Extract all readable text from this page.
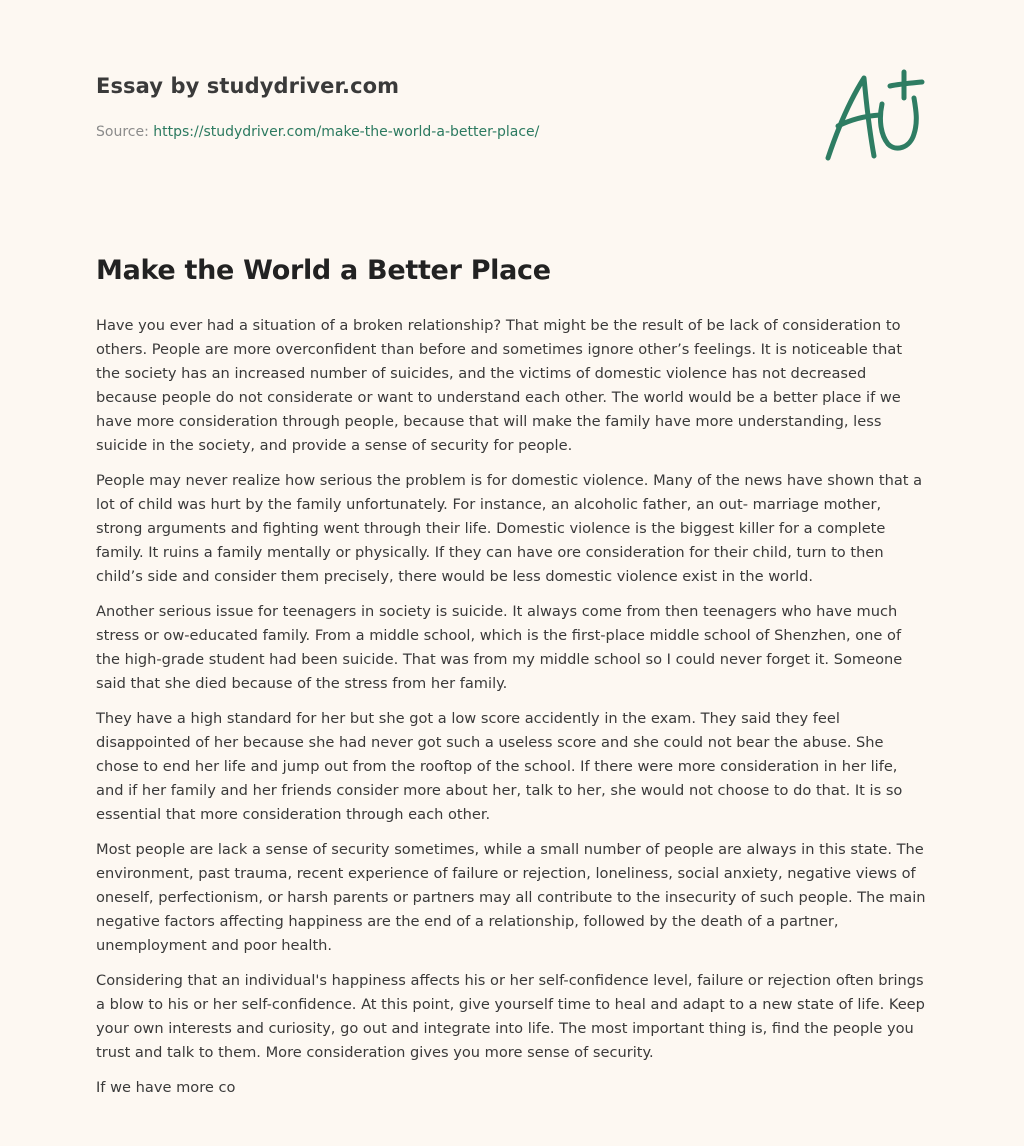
Essay by studydriver.com
Source: https://studydriver.com/make-the-world-a-better-place/
Make the World a Better Place

Have you ever had a situation of a broken relationship? That might be the result of be lack of consideration to others. People are more overconfident than before and sometimes ignore other’s feelings. It is noticeable that the society has an increased number of suicides, and the victims of domestic violence has not decreased because people do not considerate or want to understand each other. The world would be a better place if we have more consideration through people, because that will make the family have more understanding, less suicide in the society, and provide a sense of security for people.

People may never realize how serious the problem is for domestic violence. Many of the news have shown that a lot of child was hurt by the family unfortunately. For instance, an alcoholic father, an out- marriage mother, strong arguments and fighting went through their life. Domestic violence is the biggest killer for a complete family. It ruins a family mentally or physically. If they can have ore consideration for their child, turn to then child’s side and consider them precisely, there would be less domestic violence exist in the world.

Another serious issue for teenagers in society is suicide. It always come from then teenagers who have much stress or ow-educated family. From a middle school, which is the first-place middle school of Shenzhen, one of the high-grade student had been suicide. That was from my middle school so I could never forget it. Someone said that she died because of the stress from her family.

They have a high standard for her but she got a low score accidently in the exam. They said they feel disappointed of her because she had never got such a useless score and she could not bear the abuse. She chose to end her life and jump out from the rooftop of the school. If there were more consideration in her life, and if her family and her friends consider more about her, talk to her, she would not choose to do that. It is so essential that more consideration through each other.

Most people are lack a sense of security sometimes, while a small number of people are always in this state. The environment, past trauma, recent experience of failure or rejection, loneliness, social anxiety, negative views of oneself, perfectionism, or harsh parents or partners may all contribute to the insecurity of such people. The main negative factors affecting happiness are the end of a relationship, followed by the death of a partner, unemployment and poor health.

Considering that an individual's happiness affects his or her self-confidence level, failure or rejection often brings a blow to his or her self-confidence. At this point, give yourself time to heal and adapt to a new state of life. Keep your own interests and curiosity, go out and integrate into life. The most important thing is, find the people you trust and talk to them. More consideration gives you more sense of security.

If we have more co
